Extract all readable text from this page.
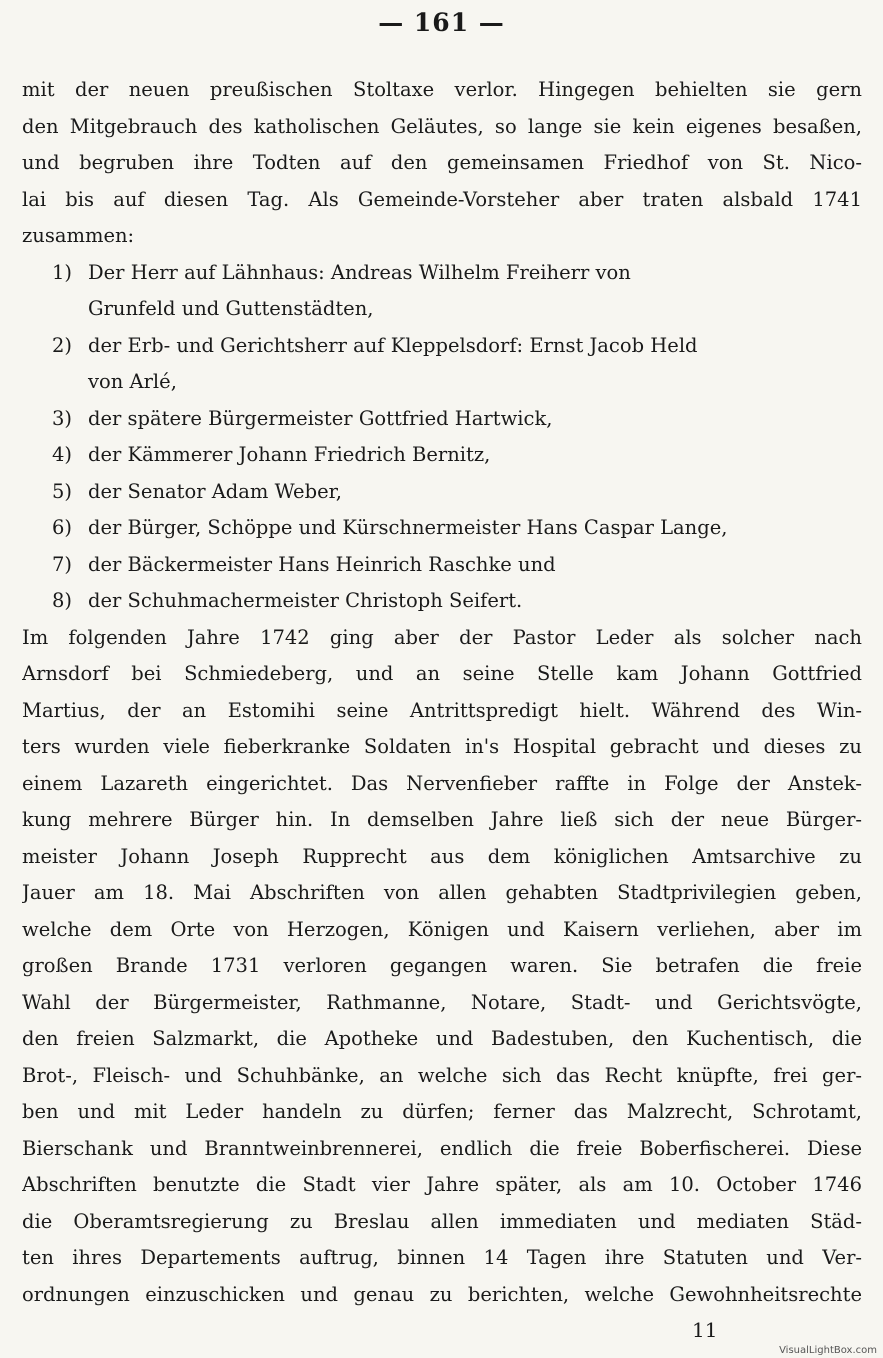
— 161 —
mit der neuen preußischen Stoltaxe verlor. Hingegen behielten sie gern
den Mitgebrauch des katholischen Geläutes, so lange sie kein eigenes besaßen,
und begruben ihre Todten auf den gemeinsamen Friedhof von St. Nico-
lai bis auf diesen Tag. Als Gemeinde-Vorsteher aber traten alsbald 1741
zusammen:
1) Der Herr auf Lähnhaus: Andreas Wilhelm Freiherr von
Grunfeld und Guttenstädten,
2) der Erb- und Gerichtsherr auf Kleppelsdorf: Ernst Jacob Held
von Arlé,
3) der spätere Bürgermeister Gottfried Hartwick,
4) der Kämmerer Johann Friedrich Bernitz,
5) der Senator Adam Weber,
6) der Bürger, Schöppe und Kürschnermeister Hans Caspar Lange,
7) der Bäckermeister Hans Heinrich Raschke und
8) der Schuhmachermeister Christoph Seifert.
Im folgenden Jahre 1742 ging aber der Pastor Leder als solcher nach
Arnsdorf bei Schmiedeberg, und an seine Stelle kam Johann Gottfried
Martius, der an Estomihi seine Antrittspredigt hielt. Während des Win-
ters wurden viele fieberkranke Soldaten in's Hospital gebracht und dieses zu
einem Lazareth eingerichtet. Das Nervenfieber raffte in Folge der Anstek-
kung mehrere Bürger hin. In demselben Jahre ließ sich der neue Bürger-
meister Johann Joseph Rupprecht aus dem königlichen Amtsarchive zu
Jauer am 18. Mai Abschriften von allen gehabten Stadtprivilegien geben,
welche dem Orte von Herzogen, Königen und Kaisern verliehen, aber im
großen Brande 1731 verloren gegangen waren. Sie betrafen die freie
Wahl der Bürgermeister, Rathmanne, Notare, Stadt- und Gerichtsvögte,
den freien Salzmarkt, die Apotheke und Badestuben, den Kuchentisch, die
Brot-, Fleisch- und Schuhbänke, an welche sich das Recht knüpfte, frei ger-
ben und mit Leder handeln zu dürfen; ferner das Malzrecht, Schrotamt,
Bierschank und Branntweinbrennerei, endlich die freie Boberfischerei. Diese
Abschriften benutzte die Stadt vier Jahre später, als am 10. October 1746
die Oberamtsregierung zu Breslau allen immediaten und mediaten Städ-
ten ihres Departements auftrug, binnen 14 Tagen ihre Statuten und Ver-
ordnungen einzuschicken und genau zu berichten, welche Gewohnheitsrechte
11
VisualLightBox.com
